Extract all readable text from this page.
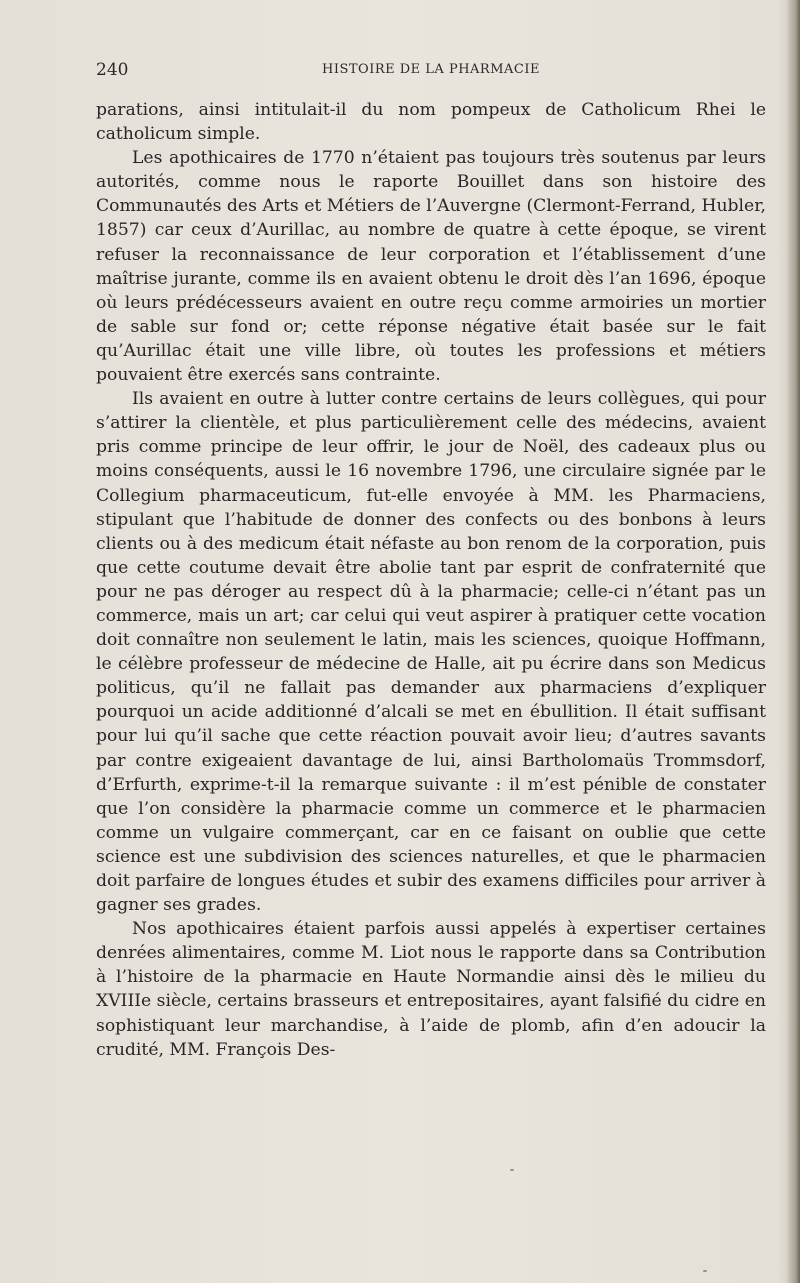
240	HISTOIRE DE LA PHARMACIE

parations, ainsi intitulait-il du nom pompeux de Catholicum Rhei le catholicum simple.

Les apothicaires de 1770 n’étaient pas toujours très soutenus par leurs autorités, comme nous le raporte Bouillet dans son histoire des Communautés des Arts et Métiers de l’Auvergne (Clermont-Ferrand, Hubler, 1857) car ceux d’Aurillac, au nombre de quatre à cette époque, se virent refuser la reconnaissance de leur corporation et l’établissement d’une maîtrise jurante, comme ils en avaient obtenu le droit dès l’an 1696, époque où leurs prédécesseurs avaient en outre reçu comme armoiries un mortier de sable sur fond or; cette réponse négative était basée sur le fait qu’Aurillac était une ville libre, où toutes les professions et métiers pouvaient être exercés sans contrainte.

Ils avaient en outre à lutter contre certains de leurs collègues, qui pour s’attirer la clientèle, et plus particulièrement celle des médecins, avaient pris comme principe de leur offrir, le jour de Noël, des cadeaux plus ou moins conséquents, aussi le 16 novembre 1796, une circulaire signée par le Collegium pharmaceuticum, fut-elle envoyée à MM. les Pharmaciens, stipulant que l’habitude de donner des confects ou des bonbons à leurs clients ou à des medicum était néfaste au bon renom de la corporation, puis que cette coutume devait être abolie tant par esprit de confraternité que pour ne pas déroger au respect dû à la pharmacie; celle-ci n’étant pas un commerce, mais un art; car celui qui veut aspirer à pratiquer cette vocation doit connaître non seulement le latin, mais les sciences, quoique Hoffmann, le célèbre professeur de médecine de Halle, ait pu écrire dans son Medicus politicus, qu’il ne fallait pas demander aux pharmaciens d’expliquer pourquoi un acide additionné d’alcali se met en ébullition. Il était suffisant pour lui qu’il sache que cette réaction pouvait avoir lieu; d’autres savants par contre exigeaient davantage de lui, ainsi Bartholomaüs Trommsdorf, d’Erfurth, exprime-t-il la remarque suivante : il m’est pénible de constater que l’on considère la pharmacie comme un commerce et le pharmacien comme un vulgaire commerçant, car en ce faisant on oublie que cette science est une subdivision des sciences naturelles, et que le pharmacien doit parfaire de longues études et subir des examens difficiles pour arriver à gagner ses grades.

Nos apothicaires étaient parfois aussi appelés à expertiser certaines denrées alimentaires, comme M. Liot nous le rapporte dans sa Contribution à l’histoire de la pharmacie en Haute Normandie ainsi dès le milieu du XVIIIe siècle, certains brasseurs et entrepositaires, ayant falsifié du cidre en sophistiquant leur marchandise, à l’aide de plomb, afin d’en adoucir la crudité, MM. François Des-
